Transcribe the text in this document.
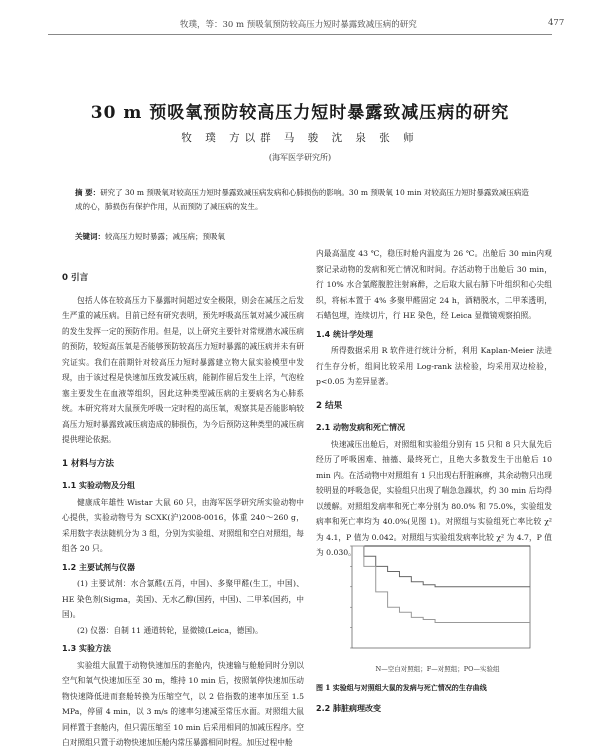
牧璞，等：30 m 预吸氧预防较高压力短时暴露致减压病的研究	477
30 m 预吸氧预防较高压力短时暴露致减压病的研究
牧 璞 方以群 马 骏 沈 泉 张 师
(海军医学研究所)
摘 要：研究了 30 m 预吸氧对较高压力短时暴露致减压病发病和心肺损伤的影响。30 m 预吸氧 10 min 对较高压力短时暴露致减压病造成的心，肺损伤有保护作用，从而预防了减压病的发生。
关键词：较高压力短时暴露；减压病；预吸氧
0 引言
包括人体在较高压力下暴露时间超过安全极限，则会在减压之后发生严重的减压病。目前已经有研究表明，预先呼吸高压氧对减少减压病的发生发挥一定的预防作用。但是，以上研究主要针对常规潜水减压病的预防，较短高压氧是否能够预防较高压力短时暴露的减压病并未有研究证实。我们在前期针对较高压力短时暴露建立物大鼠实验模型中发现，由于该过程是快速加压致发减压病，能制作留后发生上浮，气泡栓塞主要发生在血液等组织，因此这种类型减压病的主要病名为心肺系统。本研究将对大鼠预先呼吸一定时程的高压氧，观察其是否能影响较高压力短时暴露致减压病造成的肺损伤，为今后预防这种类型的减压病提供理论依据。
1 材料与方法
1.1 实验动物及分组
健康成年雄性 Wistar 大鼠 60 只，由海军医学研究所实验动物中心提供，实验动物号为 SCXK(沪)2008-0016，体重 240～260 g，采用数字表法随机分为 3 组，分别为实验组、对照组和空白对照组，每组各 20 只。
1.2 主要试剂与仪器
(1) 主要试剂：水合氯醛(五肖，中国)、多聚甲醛(生工，中国)、HE 染色剂(Sigma，美国)、无水乙醇(国药，中国)、二甲苯(国药，中国)。
(2) 仪器：自制 11 通道转轮，显微镜(Leica，德国)。
1.3 实验方法
实验组大鼠置于动物快速加压的套舱内，快速输与舱舱同时分别以空气和氧气快速加压至 30 m，维持 10 min 后，按照氧停快速加压动物快速降低进而套舱转换为压缩空气，以 2 倍指数的速率加压至 1.5 MPa，停留 4 min，以 3 m/s 的速率匀速减至常压水面。对照组大鼠同样置于套舱内，但只需压缩至 10 min 后采用相同的加减压程序。空白对照组只置于动物快速加压舱内常压暴露相同时程。加压过程中舱
内最高温度 43 ℃，稳压时舱内温度为 26 ℃。出舱后 30 min内观察记录动物的发病和死亡情况和时间。存活动物于出舱后 30 min，行 10% 水合氯醛腹腔注射麻醉，之后取大鼠右肺下叶组织和心尖组织，将标本置于 4% 多聚甲醛固定 24 h，酒精脱水，二甲苯透明，石蜡包埋，连续切片，行 HE 染色，经 Leica 显微镜观察拍照。
1.4 统计学处理
所得数据采用 R 软件进行统计分析，利用 Kaplan-Meier 法进行生存分析，组间比较采用 Log-rank 法检验，均采用双边检验，p<0.05 为差异显著。
2 结果
2.1 动物发病和死亡情况
快速减压出舱后，对照组和实验组分别有 15 只和 8 只大鼠先后经历了呼吸困难、抽搐、最终死亡，且绝大多数发生于出舱后 10 min 内。在活动物中对照组有 1 只出现右肝脏麻痹，其余动物只出现较明显的呼吸急促，实验组只出现了喘急急躁状，约 30 min 后均得以缓解。对照组发病率和死亡率分别为 80.0% 和 75.0%，实验组发病率和死亡率均为 40.0%(见图 1)。对照组与实验组死亡率比较 χ² 为 4.1，P 值为 0.042。对照组与实验组发病率比较 χ² 为 4.7，P 值为 0.030。
N—空白对照组；F—对照组；PO—实验组
图 1 实验组与对照组大鼠的发病与死亡情况的生存曲线
2.2 肺脏病理改变
